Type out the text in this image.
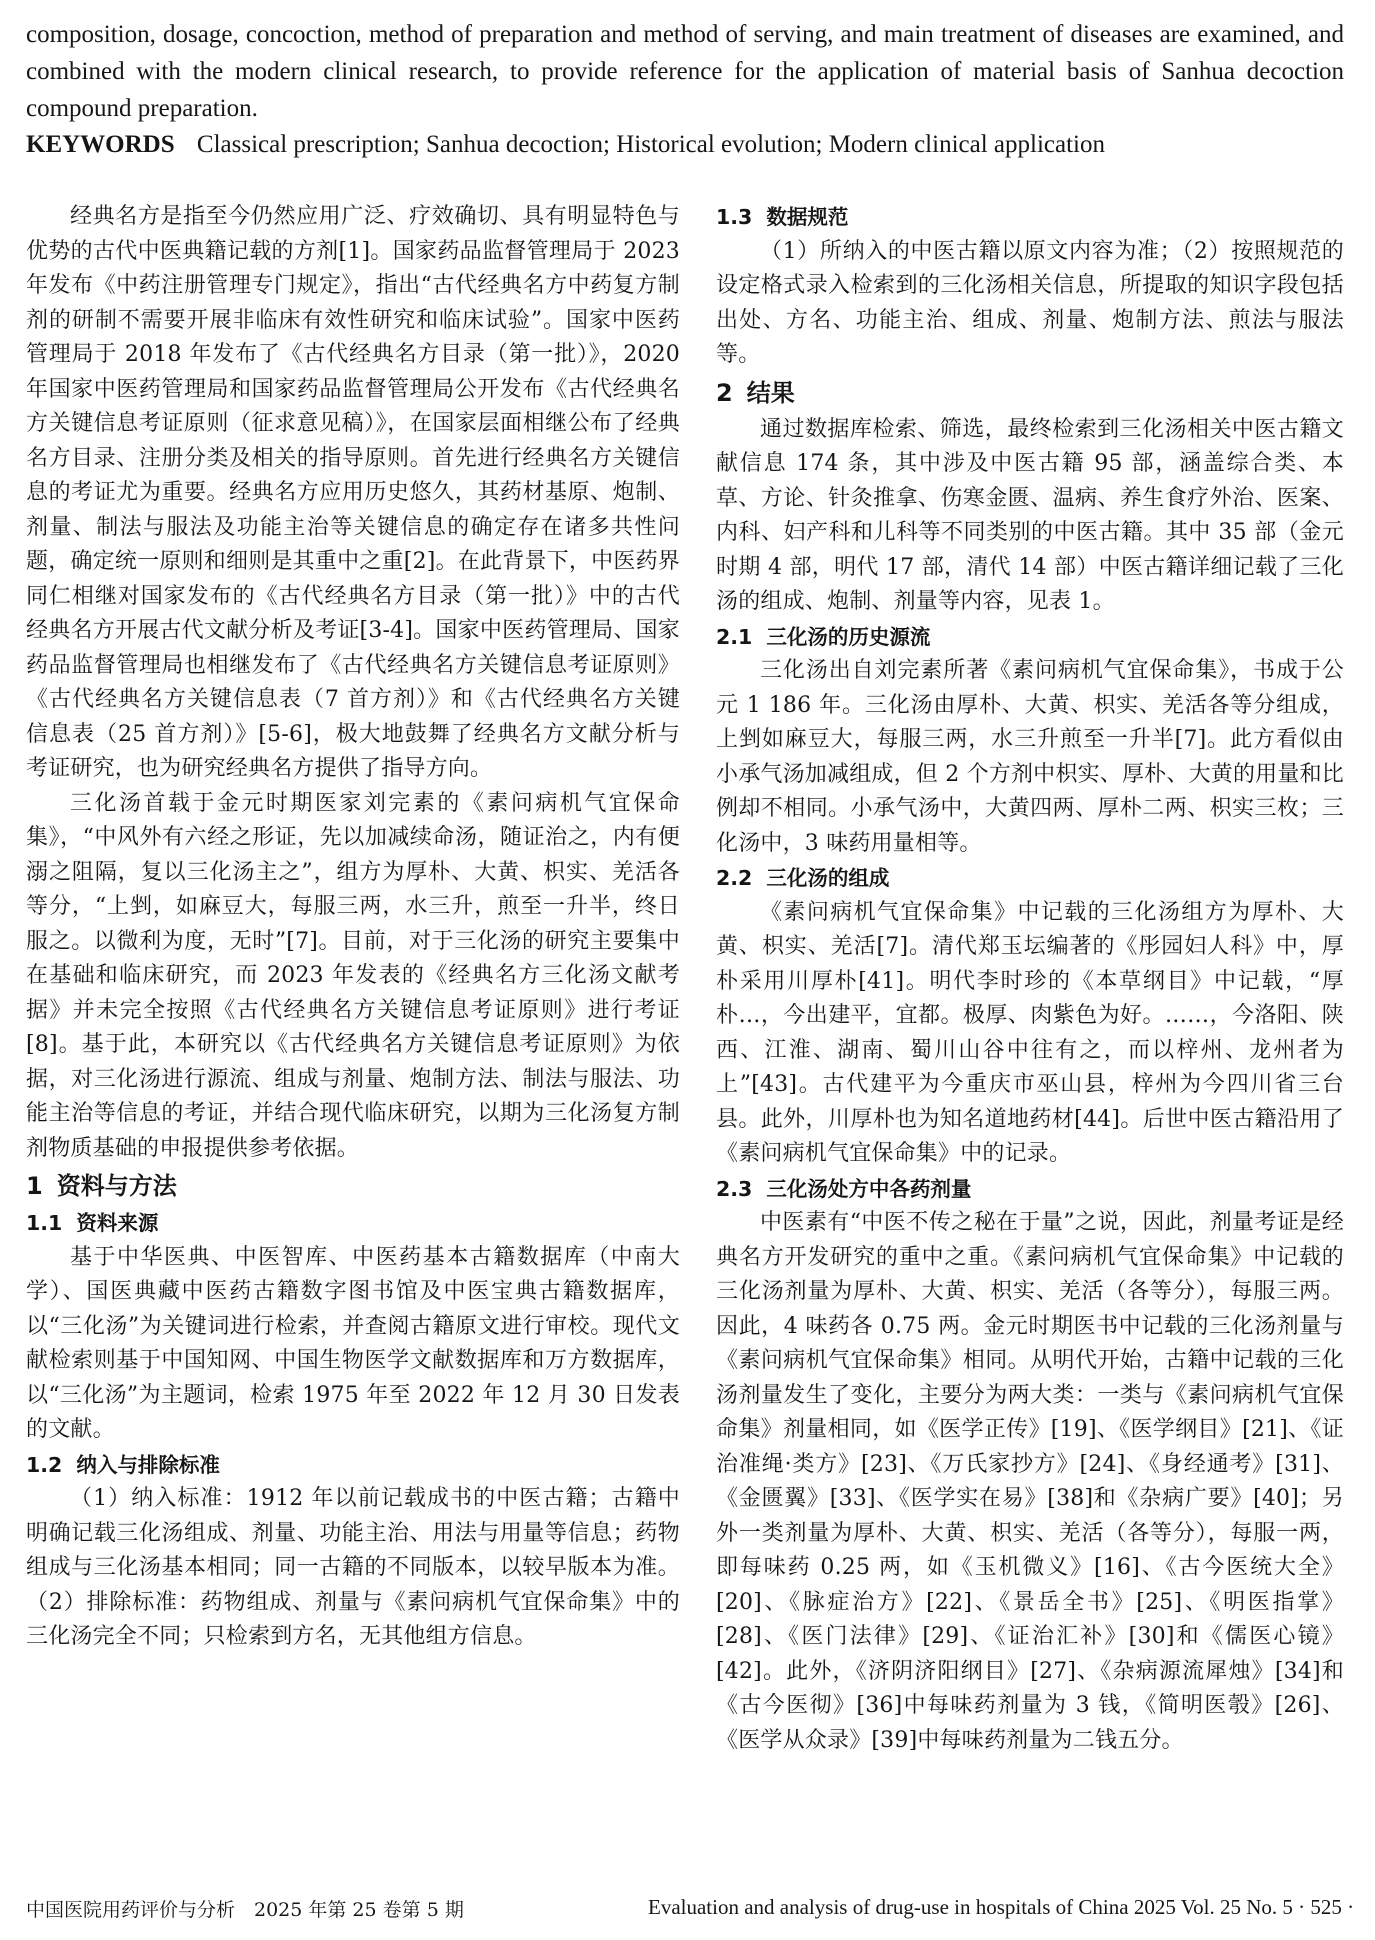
composition, dosage, concoction, method of preparation and method of serving, and main treatment of diseases are examined, and combined with the modern clinical research, to provide reference for the application of material basis of Sanhua decoction compound preparation.
KEYWORDS Classical prescription; Sanhua decoction; Historical evolution; Modern clinical application

经典名方是指至今仍然应用广泛、疗效确切、具有明显特色与优势的古代中医典籍记载的方剂[1]。国家药品监督管理局于 2023 年发布《中药注册管理专门规定》，指出“古代经典名方中药复方制剂的研制不需要开展非临床有效性研究和临床试验”。国家中医药管理局于 2018 年发布了《古代经典名方目录（第一批）》，2020 年国家中医药管理局和国家药品监督管理局公开发布《古代经典名方关键信息考证原则（征求意见稿）》，在国家层面相继公布了经典名方目录、注册分类及相关的指导原则。首先进行经典名方关键信息的考证尤为重要。经典名方应用历史悠久，其药材基原、炮制、剂量、制法与服法及功能主治等关键信息的确定存在诸多共性问题，确定统一原则和细则是其重中之重[2]。在此背景下，中医药界同仁相继对国家发布的《古代经典名方目录（第一批）》中的古代经典名方开展古代文献分析及考证[3-4]。国家中医药管理局、国家药品监督管理局也相继发布了《古代经典名方关键信息考证原则》《古代经典名方关键信息表（7 首方剂）》和《古代经典名方关键信息表（25 首方剂）》[5-6]，极大地鼓舞了经典名方文献分析与考证研究，也为研究经典名方提供了指导方向。

三化汤首载于金元时期医家刘完素的《素问病机气宜保命集》，“中风外有六经之形证，先以加减续命汤，随证治之，内有便溺之阻隔，复以三化汤主之”，组方为厚朴、大黄、枳实、羌活各等分，“上剉，如麻豆大，每服三两，水三升，煎至一升半，终日服之。以微利为度，无时”[7]。目前，对于三化汤的研究主要集中在基础和临床研究，而 2023 年发表的《经典名方三化汤文献考据》并未完全按照《古代经典名方关键信息考证原则》进行考证[8]。基于此，本研究以《古代经典名方关键信息考证原则》为依据，对三化汤进行源流、组成与剂量、炮制方法、制法与服法、功能主治等信息的考证，并结合现代临床研究，以期为三化汤复方制剂物质基础的申报提供参考依据。

1 资料与方法
1.1 资料来源

基于中华医典、中医智库、中医药基本古籍数据库（中南大学）、国医典藏中医药古籍数字图书馆及中医宝典古籍数据库，以“三化汤”为关键词进行检索，并查阅古籍原文进行审校。现代文献检索则基于中国知网、中国生物医学文献数据库和万方数据库，以“三化汤”为主题词，检索 1975 年至 2022 年 12 月 30 日发表的文献。

1.2 纳入与排除标准

（1）纳入标准：1912 年以前记载成书的中医古籍；古籍中明确记载三化汤组成、剂量、功能主治、用法与用量等信息；药物组成与三化汤基本相同；同一古籍的不同版本，以较早版本为准。（2）排除标准：药物组成、剂量与《素问病机气宜保命集》中的三化汤完全不同；只检索到方名，无其他组方信息。

1.3 数据规范

（1）所纳入的中医古籍以原文内容为准；（2）按照规范的设定格式录入检索到的三化汤相关信息，所提取的知识字段包括出处、方名、功能主治、组成、剂量、炮制方法、煎法与服法等。

2 结果

通过数据库检索、筛选，最终检索到三化汤相关中医古籍文献信息 174 条，其中涉及中医古籍 95 部，涵盖综合类、本草、方论、针灸推拿、伤寒金匮、温病、养生食疗外治、医案、内科、妇产科和儿科等不同类别的中医古籍。其中 35 部（金元时期 4 部，明代 17 部，清代 14 部）中医古籍详细记载了三化汤的组成、炮制、剂量等内容，见表 1。

2.1 三化汤的历史源流

三化汤出自刘完素所著《素问病机气宜保命集》，书成于公元 1 186 年。三化汤由厚朴、大黄、枳实、羌活各等分组成，上剉如麻豆大，每服三两，水三升煎至一升半[7]。此方看似由小承气汤加减组成，但 2 个方剂中枳实、厚朴、大黄的用量和比例却不相同。小承气汤中，大黄四两、厚朴二两、枳实三枚；三化汤中，3 味药用量相等。

2.2 三化汤的组成

《素问病机气宜保命集》中记载的三化汤组方为厚朴、大黄、枳实、羌活[7]。清代郑玉坛编著的《彤园妇人科》中，厚朴采用川厚朴[41]。明代李时珍的《本草纲目》中记载，“厚朴…，今出建平，宜都。极厚、肉紫色为好。……，今洛阳、陕西、江淮、湖南、蜀川山谷中往有之，而以梓州、龙州者为上”[43]。古代建平为今重庆市巫山县，梓州为今四川省三台县。此外，川厚朴也为知名道地药材[44]。后世中医古籍沿用了《素问病机气宜保命集》中的记录。

2.3 三化汤处方中各药剂量

中医素有“中医不传之秘在于量”之说，因此，剂量考证是经典名方开发研究的重中之重。《素问病机气宜保命集》中记载的三化汤剂量为厚朴、大黄、枳实、羌活（各等分），每服三两。因此，4 味药各 0.75 两。金元时期医书中记载的三化汤剂量与《素问病机气宜保命集》相同。从明代开始，古籍中记载的三化汤剂量发生了变化，主要分为两大类：一类与《素问病机气宜保命集》剂量相同，如《医学正传》[19]、《医学纲目》[21]、《证治准绳·类方》[23]、《万氏家抄方》[24]、《身经通考》[31]、《金匮翼》[33]、《医学实在易》[38]和《杂病广要》[40]；另外一类剂量为厚朴、大黄、枳实、羌活（各等分），每服一两，即每味药 0.25 两，如《玉机微义》[16]、《古今医统大全》[20]、《脉症治方》[22]、《景岳全书》[25]、《明医指掌》[28]、《医门法律》[29]、《证治汇补》[30]和《儒医心镜》[42]。此外，《济阴济阳纲目》[27]、《杂病源流犀烛》[34]和《古今医彻》[36]中每味药剂量为 3 钱，《简明医彀》[26]、《医学从众录》[39]中每味药剂量为二钱五分。

中国医院用药评价与分析　2025 年第 25 卷第 5 期	Evaluation and analysis of drug-use in hospitals of China 2025 Vol. 25 No. 5 · 525 ·
